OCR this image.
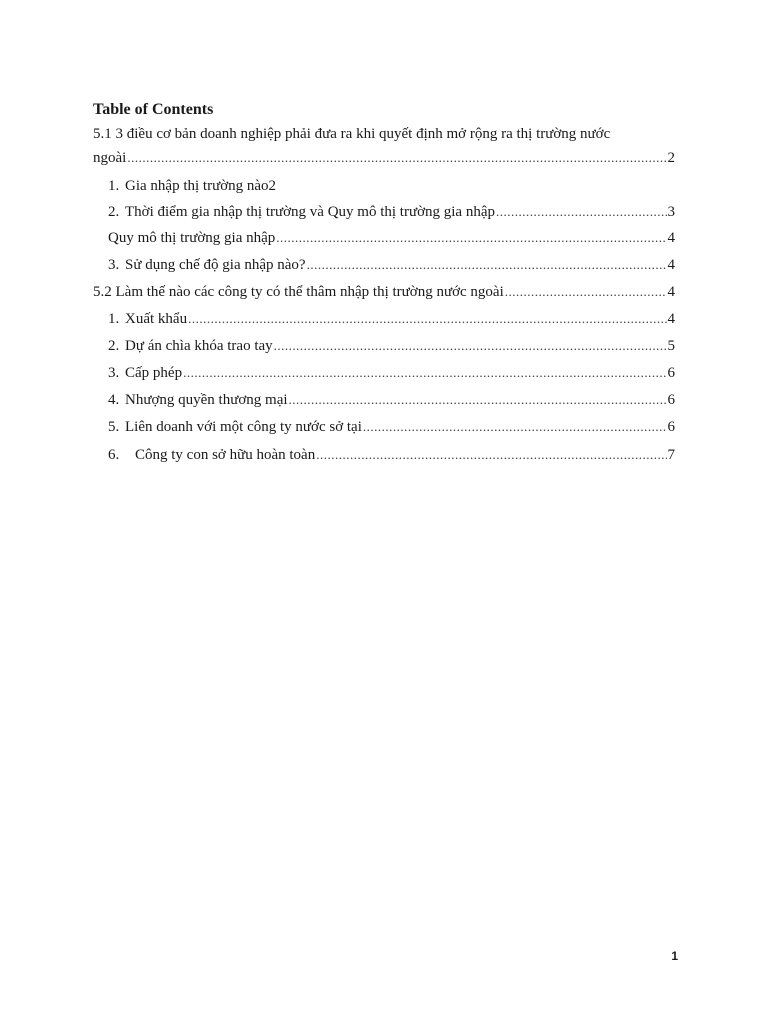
Table of Contents
5.1 3 điều cơ bản doanh nghiệp phải đưa ra khi quyết định mở rộng ra thị trường nước
ngoài .....	2
1. Gia nhập thị trường nào2
2. Thời điểm gia nhập thị trường và Quy mô thị trường gia nhập .....	3
Quy mô thị trường gia nhập .....	4
3. Sử dụng chế độ gia nhập nào? .....	4
5.2 Làm thế nào các công ty có thể thâm nhập thị trường nước ngoài .....	4
1. Xuất khẩu .....	4
2. Dự án chìa khóa trao tay .....	5
3. Cấp phép .....	6
4. Nhượng quyền thương mại .....	6
5. Liên doanh với một công ty nước sở tại .....	6
6.	Công ty con sở hữu hoàn toàn .....	7
1
